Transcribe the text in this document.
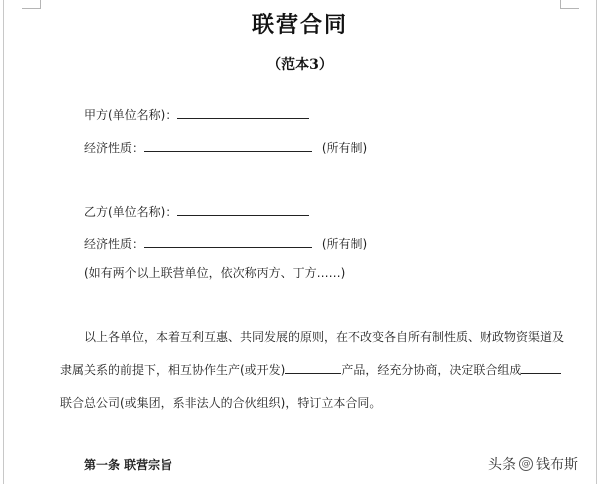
联营合同
（范本3）
甲方(单位名称)：
经济性质：	(所有制)
乙方(单位名称)：
经济性质：	(所有制)
(如有两个以上联营单位，依次称丙方、丁方……)
以上各单位，本着互利互惠、共同发展的原则，在不改变各自所有制性质、财政物资渠道及
隶属关系的前提下，相互协作生产(或开发)	产品，经充分协商，决定联合组成
联合总公司(或集团，系非法人的合伙组织)，特订立本合同。
第一条 联营宗旨	头条 @ 钱布斯
